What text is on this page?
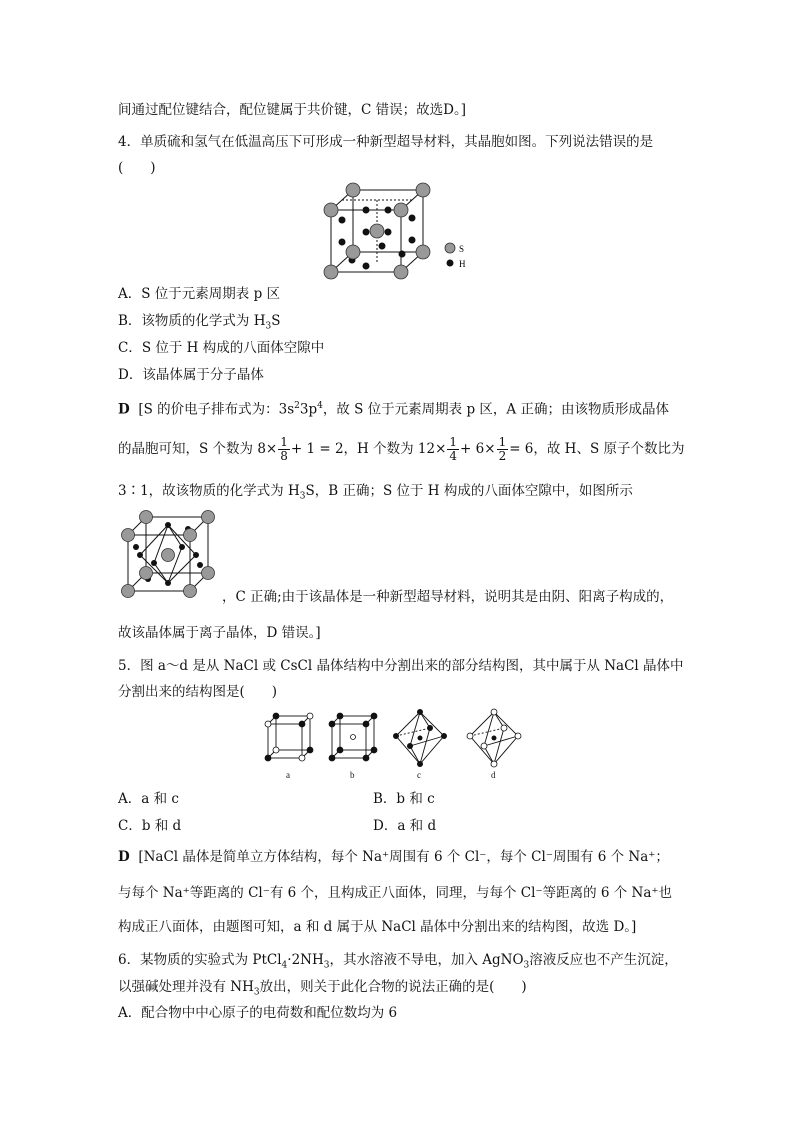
间通过配位键结合，配位键属于共价键，C 错误；故选D。]
4．单质硫和氢气在低温高压下可形成一种新型超导材料，其晶胞如图。下列说法错误的是
(　　)
S
H
A．S 位于元素周期表 p 区
B．该物质的化学式为 $H_3S$
C．S 位于 H 构成的八面体空隙中
D．该晶体属于分子晶体
D [S 的价电子排布式为：$3s^23p^4$，故 S 位于元素周期表 p 区，A 正确；由该物质形成晶体
的晶胞可知，S 个数为 $8\times \frac{1}{8} + 1 = 2$，H 个数为 $12\times \frac{1}{4} + 6\times \frac{1}{2} = 6$，故 H、S 原子个数比为
3∶1，故该物质的化学式为 $H_3S$，B 正确；S 位于 H 构成的八面体空隙中，如图所示
，C 正确;由于该晶体是一种新型超导材料，说明其是由阴、阳离子构成的，
故该晶体属于离子晶体，D 错误。]
5．图 a～d 是从 NaCl 或 CsCl 晶体结构中分割出来的部分结构图，其中属于从 NaCl 晶体中
分割出来的结构图是(　　)
a	b	c	d
A．a 和 c	B．b 和 c
C．b 和 d	D．a 和 d
D [NaCl 晶体是简单立方体结构，每个 Na⁺周围有 6 个 Cl⁻，每个 Cl⁻周围有 6 个 Na⁺；
与每个 Na⁺等距离的 Cl⁻有 6 个，且构成正八面体，同理，与每个 Cl⁻等距离的 6 个 Na⁺也
构成正八面体，由题图可知，a 和 d 属于从 NaCl 晶体中分割出来的结构图，故选 D。]
6．某物质的实验式为 $PtCl_4\cdot 2NH_3$，其水溶液不导电，加入 AgNO$_3$溶液反应也不产生沉淀，
以强碱处理并没有 $NH_3$放出，则关于此化合物的说法正确的是(　　)
A．配合物中中心原子的电荷数和配位数均为 6
